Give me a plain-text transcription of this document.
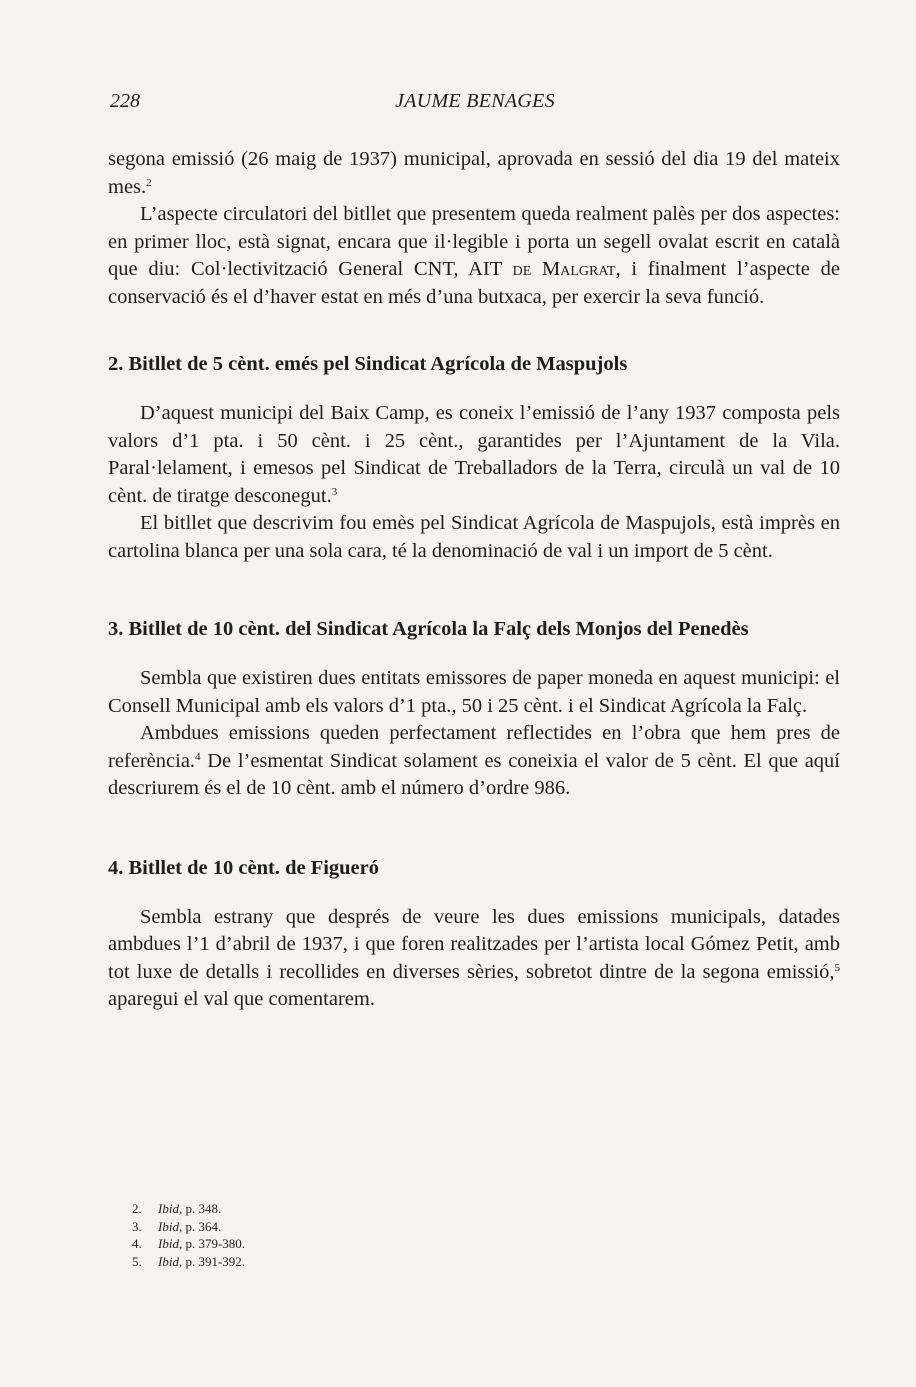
228	JAUME BENAGES

segona emissió (26 maig de 1937) municipal, aprovada en sessió del dia 19 del mateix mes.$^2$

L’aspecte circulatori del bitllet que presentem queda realment palès per dos aspectes: en primer lloc, està signat, encara que il·legible i porta un segell ovalat escrit en català que diu: Col·lectivització General CNT, AIT de Malgrat, i finalment l’aspecte de conservació és el d’haver estat en més d’una butxaca, per exercir la seva funció.

2. Bitllet de 5 cènt. emés pel Sindicat Agrícola de Maspujols

D’aquest municipi del Baix Camp, es coneix l’emissió de l’any 1937 composta pels valors d’1 pta. i 50 cènt. i 25 cènt., garantides per l’Ajuntament de la Vila. Paral·lelament, i emesos pel Sindicat de Treballadors de la Terra, circulà un val de 10 cènt. de tiratge desconegut.$^3$

El bitllet que descrivim fou emès pel Sindicat Agrícola de Maspujols, està imprès en cartolina blanca per una sola cara, té la denominació de val i un import de 5 cènt.

3. Bitllet de 10 cènt. del Sindicat Agrícola la Falç dels Monjos del Penedès

Sembla que existiren dues entitats emissores de paper moneda en aquest municipi: el Consell Municipal amb els valors d’1 pta., 50 i 25 cènt. i el Sindicat Agrícola la Falç.

Ambdues emissions queden perfectament reflectides en l’obra que hem pres de referència.$^4$ De l’esmentat Sindicat solament es coneixia el valor de 5 cènt. El que aquí descriurem és el de 10 cènt. amb el número d’ordre 986.

4. Bitllet de 10 cènt. de Figueró

Sembla estrany que després de veure les dues emissions municipals, datades ambdues l’1 d’abril de 1937, i que foren realitzades per l’artista local Gómez Petit, amb tot luxe de detalls i recollides en diverses sèries, sobretot dintre de la segona emissió,$^5$ aparegui el val que comentarem.

2. Ibid, p. 348.
3. Ibid, p. 364.
4. Ibid, p. 379-380.
5. Ibid, p. 391-392.
